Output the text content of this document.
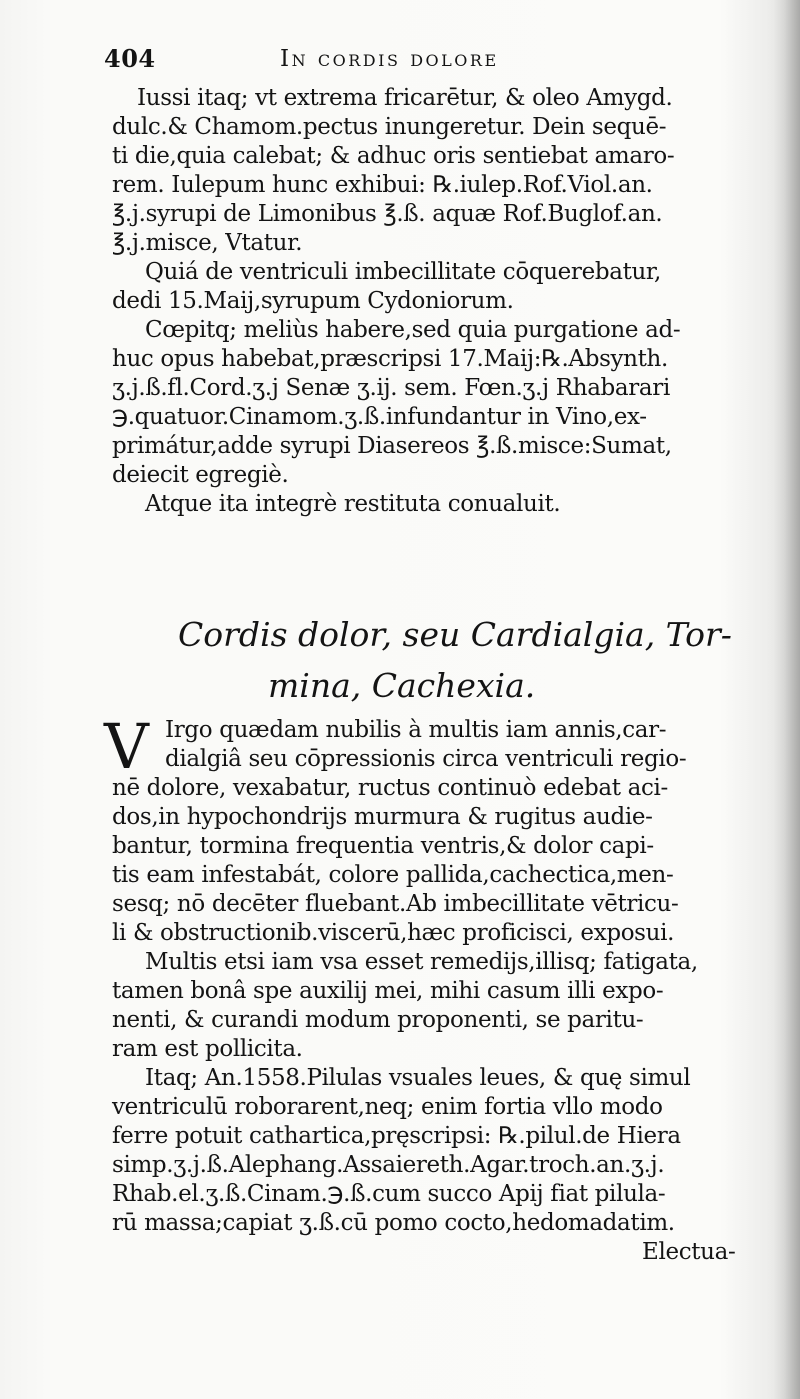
404	In cordis dolore
Iussi itaq; vt extrema fricarētur, & oleo Amygd.
dulc.& Chamom.pectus inungeretur. Dein sequē-
ti die,quia calebat; & adhuc oris sentiebat amaro-
rem. Iulepum hunc exhibui: ℞.iulep.Rof.Viol.an.
℥.j.syrupi de Limonibus ℥.ß. aquæ Rof.Buglof.an.
℥.j.misce, Vtatur.
Quiá de ventriculi imbecillitate cōquerebatur,
dedi 15.Maij,syrupum Cydoniorum.
Cœpitq; meliùs habere,sed quia purgatione ad-
huc opus habebat,præscripsi 17.Maij:℞.Absynth.
ʒ.j.ß.fl.Cord.ʒ.j Senæ ʒ.ij. sem. Fœn.ʒ.j Rhabarari
℈.quatuor.Cinamom.ʒ.ß.infundantur in Vino,ex-
primátur,adde syrupi Diasereos ℥.ß.misce:Sumat,
deiecit egregiè.
Atque ita integrè restituta conualuit.
Cordis dolor, seu Cardialgia, Tor-
mina, Cachexia.
V Irgo quædam nubilis à multis iam annis,car-
dialgiâ seu cōpressionis circa ventriculi regio-
nē dolore, vexabatur, ructus continuò edebat aci-
dos,in hypochondrijs murmura & rugitus audie-
bantur, tormina frequentia ventris,& dolor capi-
tis eam infestabát, colore pallida,cachectica,men-
sesq; nō decēter fluebant.Ab imbecillitate vētricu-
li & obstructionib.viscerū,hæc proficisci, exposui.
Multis etsi iam vsa esset remedijs,illisq; fatigata,
tamen bonâ spe auxilij mei, mihi casum illi expo-
nenti, & curandi modum proponenti, se paritu-
ram est pollicita.
Itaq; An.1558.Pilulas vsuales leues, & quę simul
ventriculū roborarent,neq; enim fortia vllo modo
ferre potuit cathartica,pręscripsi: ℞.pilul.de Hiera
simp.ʒ.j.ß.Alephang.Assaiereth.Agar.troch.an.ʒ.j.
Rhab.el.ʒ.ß.Cinam.℈.ß.cum succo Apij fiat pilula-
rū massa;capiat ʒ.ß.cū pomo cocto,hedomadatim.
Electua-
